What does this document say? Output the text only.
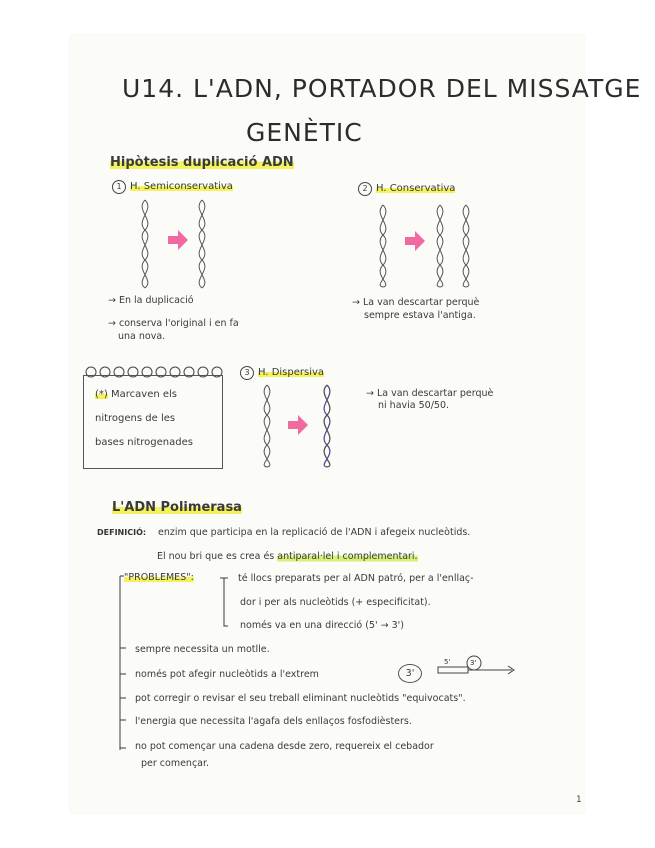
U14. L'ADN, PORTADOR DEL MISSATGE
GENÈTIC
Hipòtesis duplicació ADN
1 H. Semiconservativa
→ En la duplicació
→ conserva l'original i en fa
una nova.
2 H. Conservativa
→ La van descartar perquè
sempre estava l'antiga.
(*) Marcaven els
nitrogens de les
bases nitrogenades
3 H. Dispersiva
→ La van descartar perquè
ni havia 50/50.
L'ADN Polimerasa
DEFINICIÓ: enzim que participa en la replicació de l'ADN i afegeix nucleòtids.
El nou bri que es crea és antiparal·lel i complementari.
"PROBLEMES":	té llocs preparats per al ADN patró, per a l'enllaç-
dor i per als nucleòtids (+ especificitat).
només va en una direcció (5' → 3')
sempre necessita un motlle.
només pot afegir nucleòtids a l'extrem	3'
5'	3'
pot corregir o revisar el seu treball eliminant nucleòtids "equivocats".
l'energia que necessita l'agafa dels enllaços fosfodièsters.
no pot començar una cadena desde zero, requereix el cebador
per començar.
1
